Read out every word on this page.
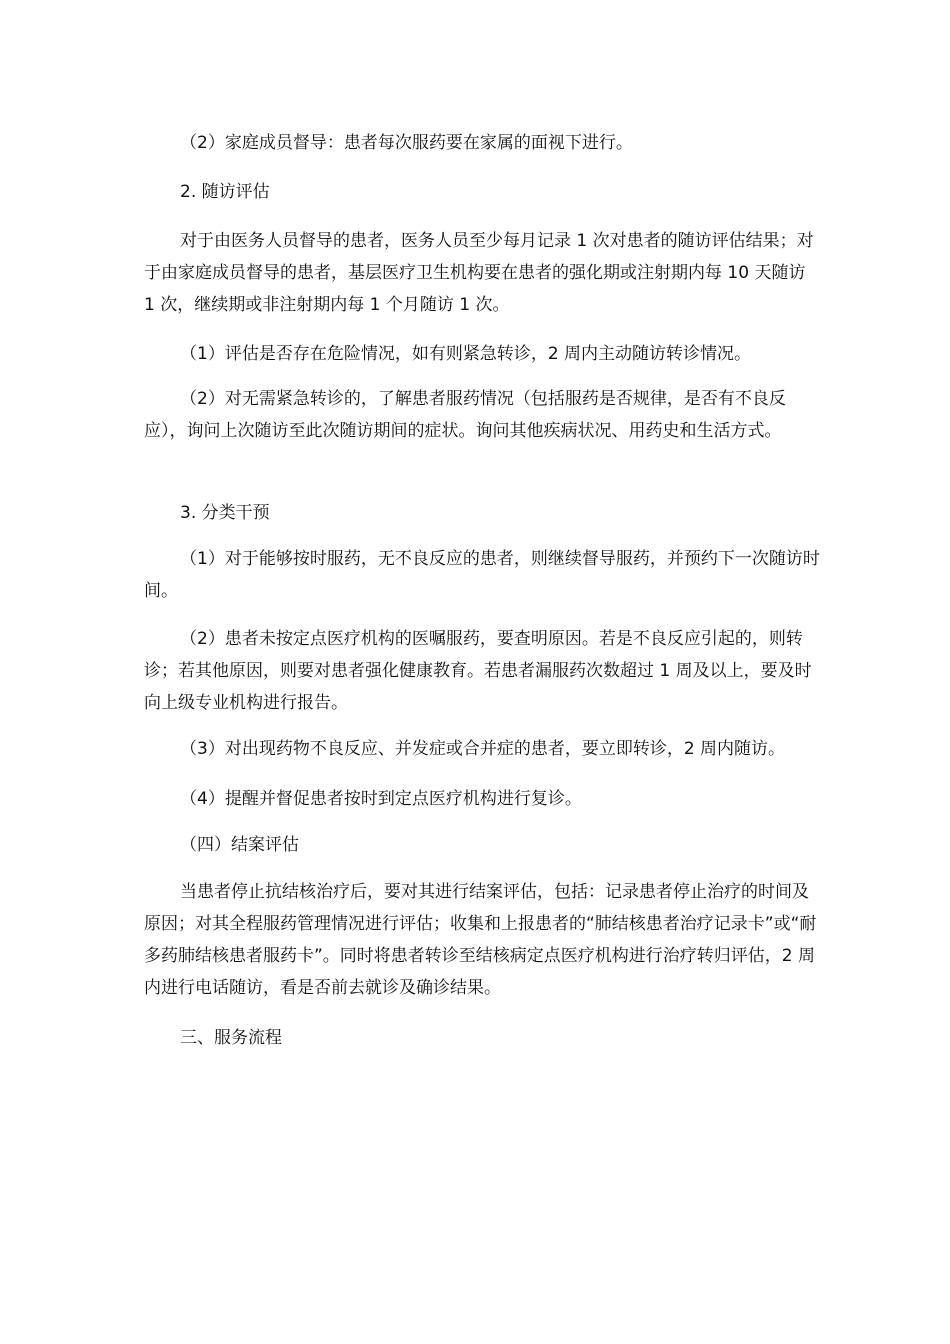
（2）家庭成员督导：患者每次服药要在家属的面视下进行。

2. 随访评估

对于由医务人员督导的患者，医务人员至少每月记录 1 次对患者的随访评估结果；对于由家庭成员督导的患者，基层医疗卫生机构要在患者的强化期或注射期内每 10 天随访 1 次，继续期或非注射期内每 1 个月随访 1 次。

（1）评估是否存在危险情况，如有则紧急转诊，2 周内主动随访转诊情况。

（2）对无需紧急转诊的，了解患者服药情况（包括服药是否规律，是否有不良反应），询问上次随访至此次随访期间的症状。询问其他疾病状况、用药史和生活方式。

3. 分类干预

（1）对于能够按时服药，无不良反应的患者，则继续督导服药，并预约下一次随访时间。

（2）患者未按定点医疗机构的医嘱服药，要查明原因。若是不良反应引起的，则转诊；若其他原因，则要对患者强化健康教育。若患者漏服药次数超过 1 周及以上，要及时向上级专业机构进行报告。

（3）对出现药物不良反应、并发症或合并症的患者，要立即转诊，2 周内随访。

（4）提醒并督促患者按时到定点医疗机构进行复诊。

（四）结案评估

当患者停止抗结核治疗后，要对其进行结案评估，包括：记录患者停止治疗的时间及原因；对其全程服药管理情况进行评估；收集和上报患者的“肺结核患者治疗记录卡”或“耐多药肺结核患者服药卡”。同时将患者转诊至结核病定点医疗机构进行治疗转归评估，2 周内进行电话随访，看是否前去就诊及确诊结果。

三、服务流程
